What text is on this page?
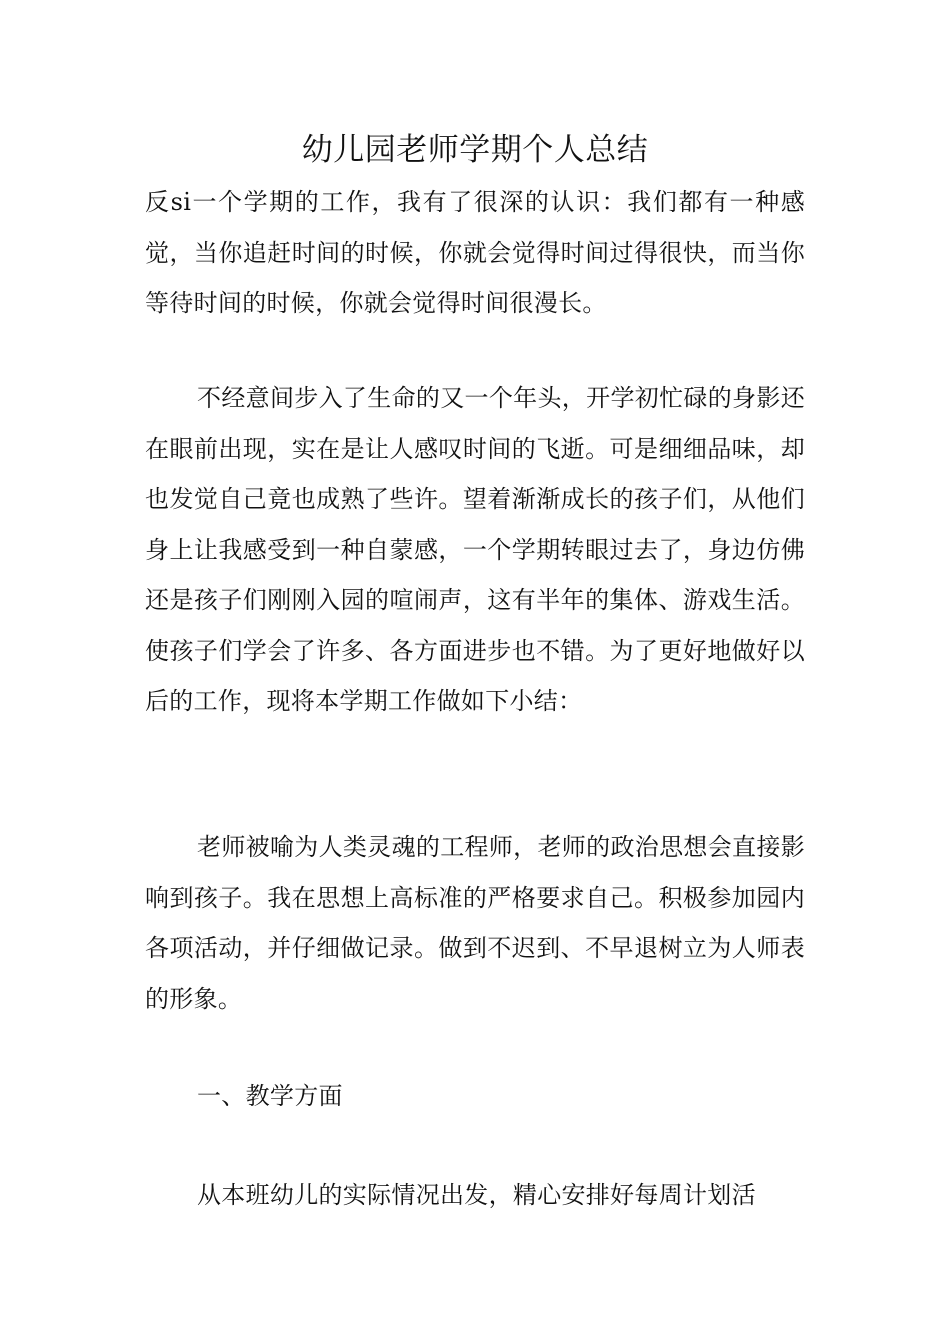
幼儿园老师学期个人总结

反si一个学期的工作，我有了很深的认识：我们都有一种感觉，当你追赶时间的时候，你就会觉得时间过得很快，而当你等待时间的时候，你就会觉得时间很漫长。

不经意间步入了生命的又一个年头，开学初忙碌的身影还在眼前出现，实在是让人感叹时间的飞逝。可是细细品味，却也发觉自己竟也成熟了些许。望着渐渐成长的孩子们，从他们身上让我感受到一种自蒙感，一个学期转眼过去了，身边仿佛还是孩子们刚刚入园的喧闹声，这有半年的集体、游戏生活。使孩子们学会了许多、各方面进步也不错。为了更好地做好以后的工作，现将本学期工作做如下小结：

老师被喻为人类灵魂的工程师，老师的政治思想会直接影响到孩子。我在思想上高标准的严格要求自己。积极参加园内各项活动，并仔细做记录。做到不迟到、不早退树立为人师表的形象。

一、教学方面

从本班幼儿的实际情况出发，精心安排好每周计划活
